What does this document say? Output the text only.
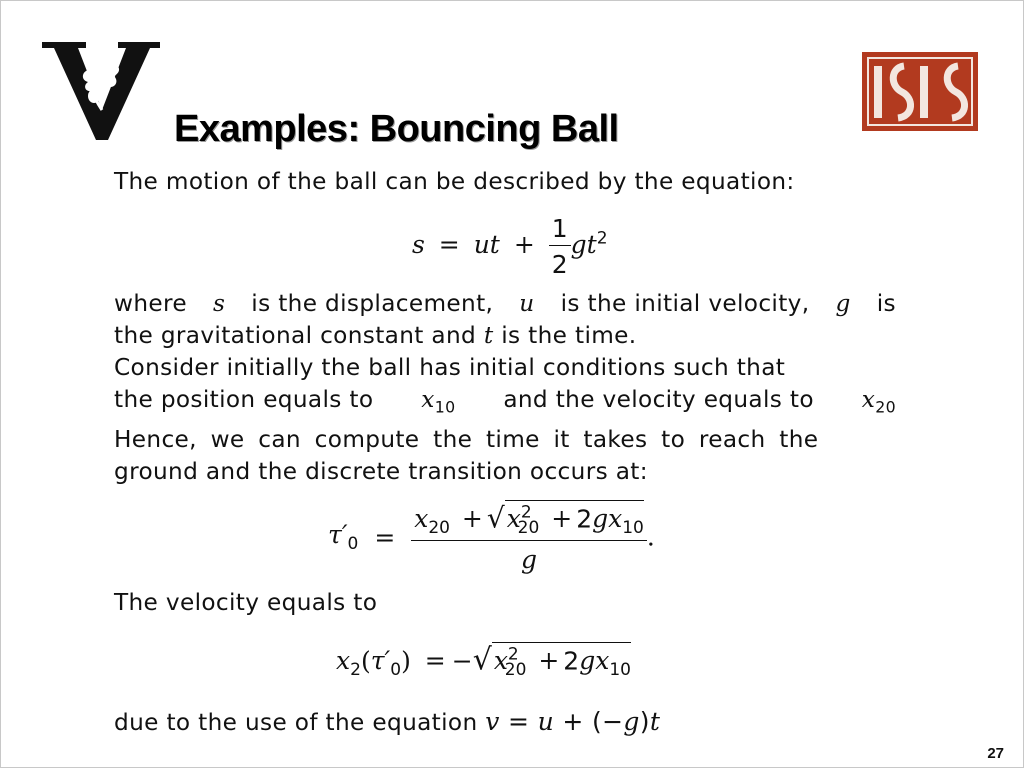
Examples: Bouncing Ball
The motion of the ball can be described by the equation:
s = ut + $\frac{1}{2} gt^2$
where s is the displacement, u is the initial velocity, g is
the gravitational constant and t is the time.
Consider initially the ball has initial conditions such that
the position equals to $x_{10}$ and the velocity equals to $x_{20}$
Hence, we can compute the time it takes to reach the
ground and the discrete transition occurs at:
$\tau'_0 = \frac{x_{20} + √x^2_{20} + 2gx_{10}}{g}$ .
The velocity equals to
$x_2(\tau'_0) = -√x^2_{20} + 2gx_{10}$
due to the use of the equation v = u + (−g)t
27
